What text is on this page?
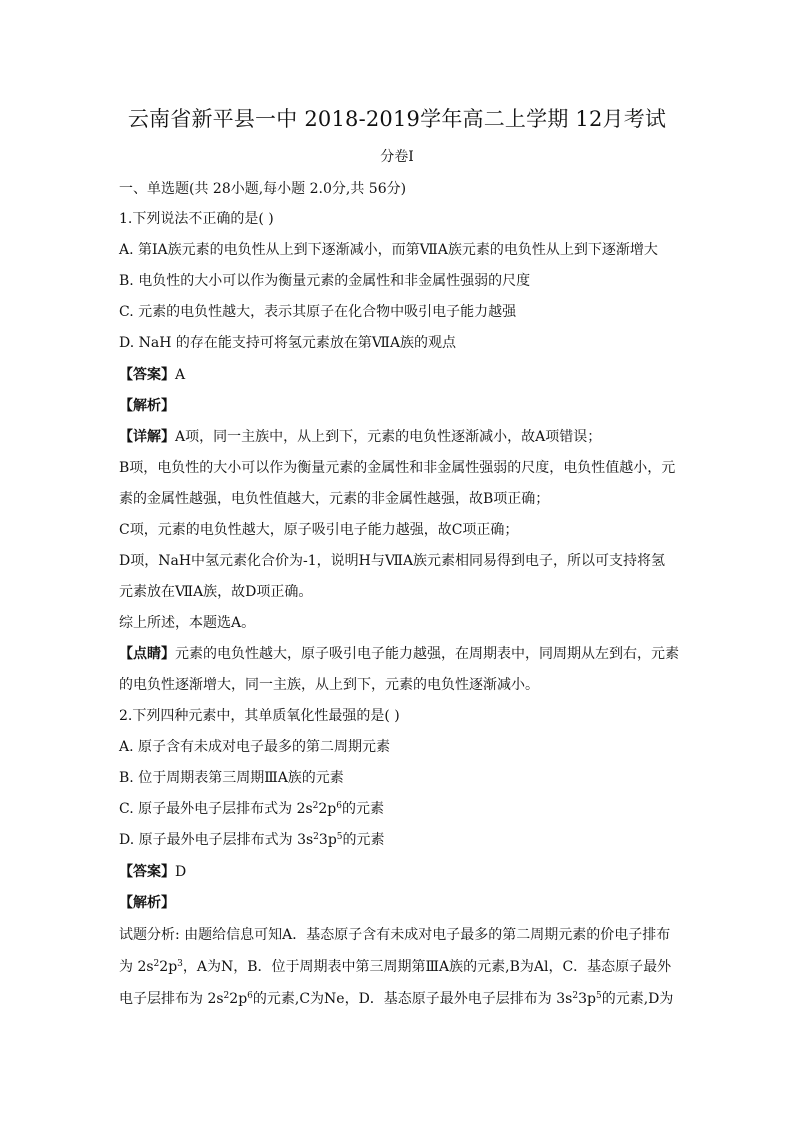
云南省新平县一中 2018-2019学年高二上学期 12月考试
分卷I
一、单选题(共 28小题,每小题 2.0分,共 56分)
1.下列说法不正确的是( )
A. 第ⅠA族元素的电负性从上到下逐渐减小，而第ⅦA族元素的电负性从上到下逐渐增大
B. 电负性的大小可以作为衡量元素的金属性和非金属性强弱的尺度
C. 元素的电负性越大，表示其原子在化合物中吸引电子能力越强
D. NaH 的存在能支持可将氢元素放在第ⅦA族的观点
【答案】A
【解析】
【详解】A项，同一主族中，从上到下，元素的电负性逐渐减小，故A项错误；
B项，电负性的大小可以作为衡量元素的金属性和非金属性强弱的尺度，电负性值越小，元
素的金属性越强，电负性值越大，元素的非金属性越强，故B项正确；
C项，元素的电负性越大，原子吸引电子能力越强，故C项正确；
D项，NaH中氢元素化合价为-1，说明H与ⅦA族元素相同易得到电子，所以可支持将氢
元素放在ⅦA族，故D项正确。
综上所述，本题选A。
【点睛】元素的电负性越大，原子吸引电子能力越强，在周期表中，同周期从左到右，元素
的电负性逐渐增大，同一主族，从上到下，元素的电负性逐渐减小。
2.下列四种元素中，其单质氧化性最强的是( )
A. 原子含有未成对电子最多的第二周期元素
B. 位于周期表第三周期ⅢA族的元素
C. 原子最外电子层排布式为 $2s^22p^6$的元素
D. 原子最外电子层排布式为 $3s^23p^5$的元素
【答案】D
【解析】
试题分析: 由题给信息可知A．基态原子含有未成对电子最多的第二周期元素的价电子排布
为 $2s^22p^3$，A为N，B．位于周期表中第三周期第ⅢA族的元素,B为Al，C．基态原子最外
电子层排布为 $2s^22p^6$的元素,C为Ne，D．基态原子最外电子层排布为 $3s^23p^5$的元素,D为
